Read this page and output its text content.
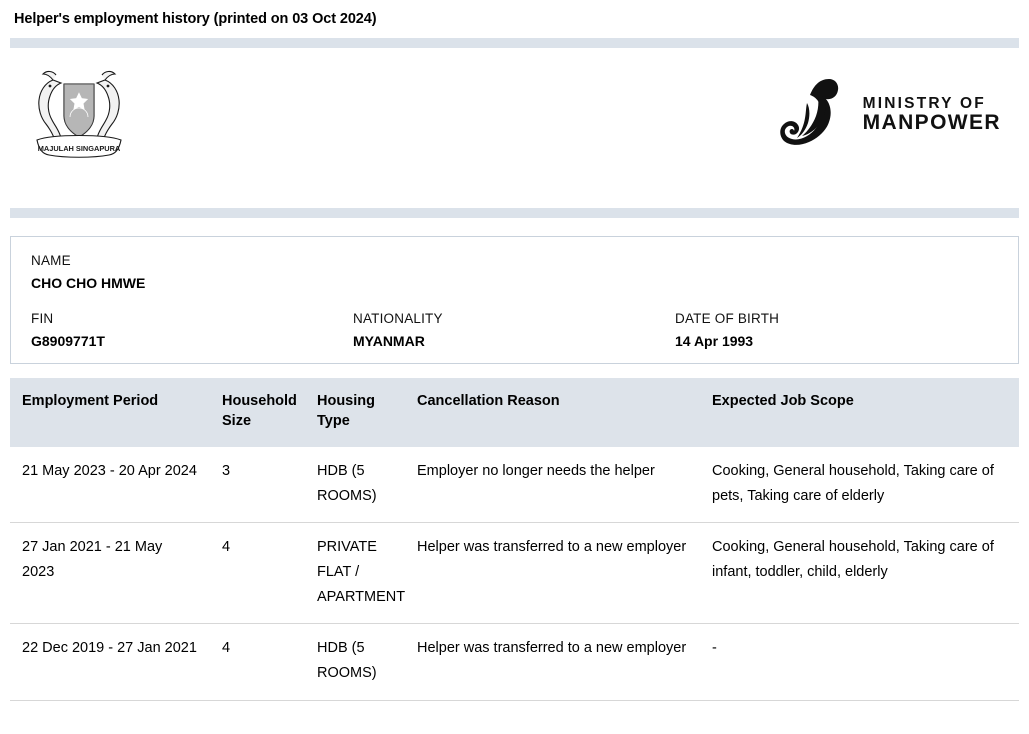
Helper's employment history (printed on 03 Oct 2024)
MAJULAH SINGAPURA
MINISTRY OF
MANPOWER
NAME
CHO CHO HMWE
FIN
G8909771T
NATIONALITY
MYANMAR
DATE OF BIRTH
14 Apr 1993
Employment Period	Household Size	Housing Type	Cancellation Reason	Expected Job Scope
21 May 2023 - 20 Apr 2024	3	HDB (5 ROOMS)	Employer no longer needs the helper	Cooking, General household, Taking care of pets, Taking care of elderly
27 Jan 2021 - 21 May 2023	4	PRIVATE FLAT / APARTMENT	Helper was transferred to a new employer	Cooking, General household, Taking care of infant, toddler, child, elderly
22 Dec 2019 - 27 Jan 2021	4	HDB (5 ROOMS)	Helper was transferred to a new employer	-
